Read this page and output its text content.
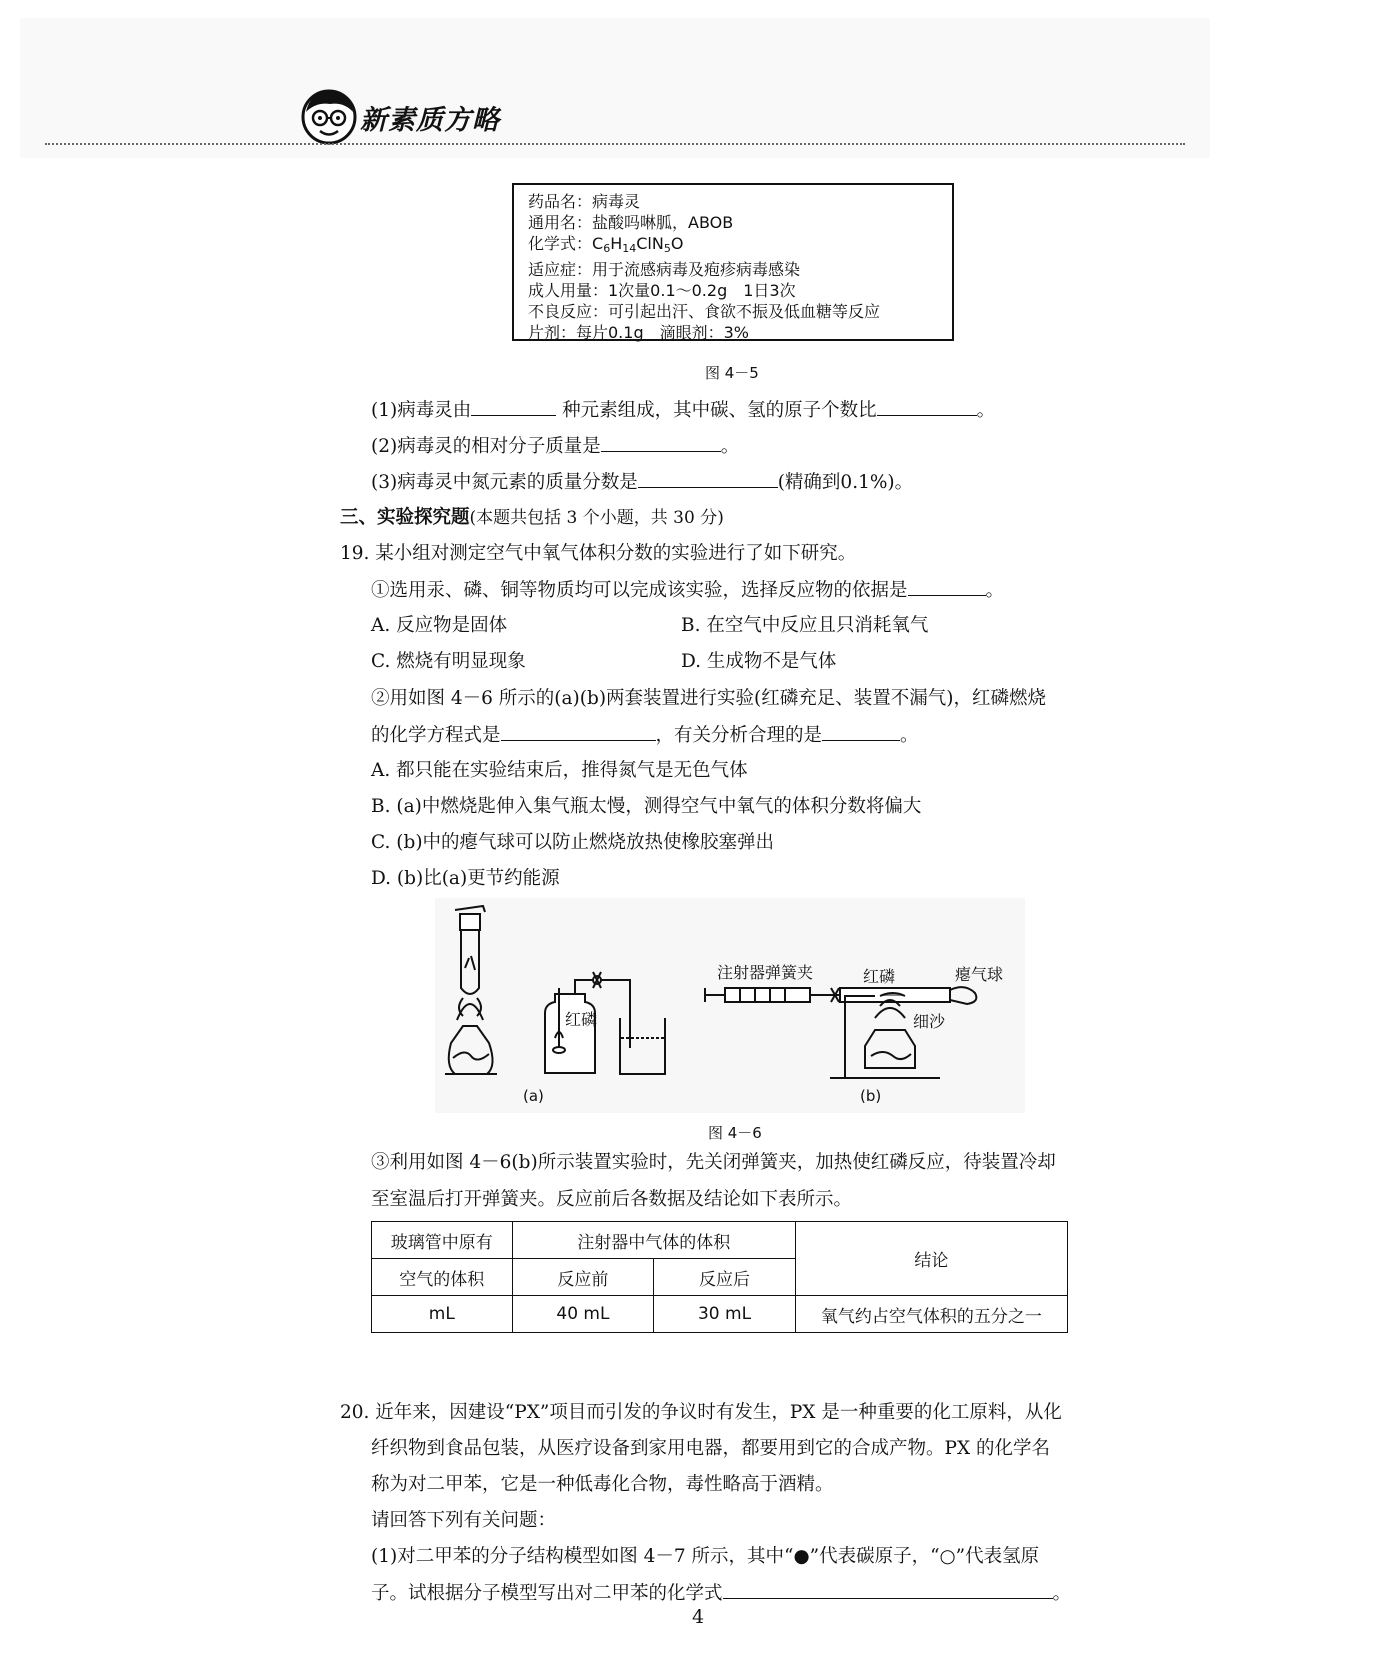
新素质方略
药品名：病毒灵
通用名：盐酸吗啉胍，ABOB
化学式：$C_6H_{14}ClN_5O$
适应症：用于流感病毒及疱疹病毒感染
成人用量：1次量0.1～0.2g　1日3次
不良反应：可引起出汗、食欲不振及低血糖等反应
片剂：每片0.1g　滴眼剂：3%
图 4－5
(1)病毒灵由	种元素组成，其中碳、氢的原子个数比	。
(2)病毒灵的相对分子质量是	。
(3)病毒灵中氮元素的质量分数是	(精确到0.1%)。
三、实验探究题(本题共包括 3 个小题，共 30 分)
19. 某小组对测定空气中氧气体积分数的实验进行了如下研究。
①选用汞、磷、铜等物质均可以完成该实验，选择反应物的依据是	。
A. 反应物是固体	B. 在空气中反应且只消耗氧气
C. 燃烧有明显现象	D. 生成物不是气体
②用如图 4－6 所示的(a)(b)两套装置进行实验(红磷充足、装置不漏气)，红磷燃烧
的化学方程式是	，有关分析合理的是	。
A. 都只能在实验结束后，推得氮气是无色气体
B. (a)中燃烧匙伸入集气瓶太慢，测得空气中氧气的体积分数将偏大
C. (b)中的瘪气球可以防止燃烧放热使橡胶塞弹出
D. (b)比(a)更节约能源
红磷
(a)
注射器弹簧夹	红磷	瘪气球
细沙
(b)
图 4－6
③利用如图 4－6(b)所示装置实验时，先关闭弹簧夹，加热使红磷反应，待装置冷却
至室温后打开弹簧夹。反应前后各数据及结论如下表所示。
玻璃管中原有	注射器中气体的体积		结论
空气的体积	反应前	反应后	
mL	40 mL	30 mL	氧气约占空气体积的五分之一
20. 近年来，因建设“PX”项目而引发的争议时有发生，PX 是一种重要的化工原料，从化
纤织物到食品包装，从医疗设备到家用电器，都要用到它的合成产物。PX 的化学名
称为对二甲苯，它是一种低毒化合物，毒性略高于酒精。
请回答下列有关问题：
(1)对二甲苯的分子结构模型如图 4－7 所示，其中“●”代表碳原子，“○”代表氢原
子。试根据分子模型写出对二甲苯的化学式	。
4
